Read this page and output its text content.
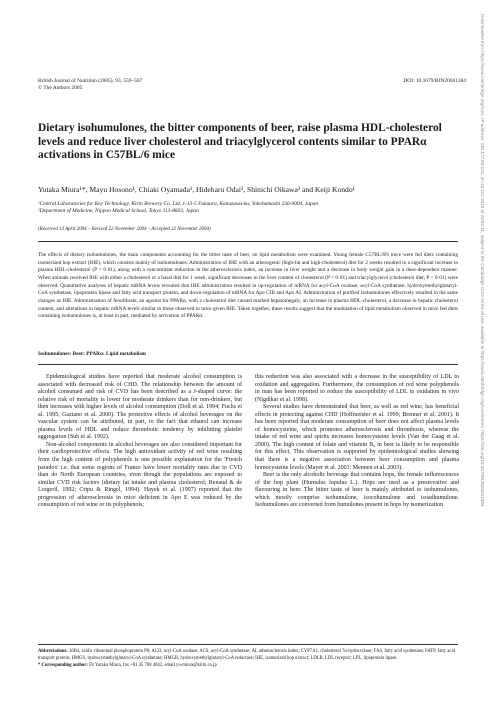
British Journal of Nutrition (2005), 93, 559–567
© The Authors 2005
DOI: 10.1079/BJN20041384
Dietary isohumulones, the bitter components of beer, raise plasma HDL-cholesterol levels and reduce liver cholesterol and triacylglycerol contents similar to PPARα activations in C57BL/6 mice
Yutaka Miura¹*, Mayu Hosono¹, Chiaki Oyamada¹, Hideharu Odai¹, Shinichi Oikawa² and Keiji Kondo¹
¹Central Laboratories for Key Technology, Kirin Brewery Co. Ltd, 1-13-5 Fukuura, Kanazawa-ku, Yokohamashi 236-0004, Japan
²Department of Medicine, Nippon Medical School, Tokyo 113-8603, Japan
(Received 13 April 2004 – Revised 22 November 2004 – Accepted 22 November 2004)

The effects of dietary isohumulones, the main components accounting for the bitter taste of beer, on lipid metabolism were examined. Young female C57BL/6N mice were fed diets containing isomerized hop extract (IHE), which consists mainly of isohumulones. Administration of IHE with an atherogenic (high-fat and high-cholesterol) diet for 2 weeks resulted in a significant increase in plasma HDL-cholesterol (P < 0·01), along with a concomitant reduction in the atherosclerosis index, an increase in liver weight and a decrease in body weight gain in a dose-dependent manner. When animals received IHE with either a cholesterol or a basal diet for 1 week, significant decreases in the liver content of cholesterol (P < 0·01) and triacylglycerol (cholesterol diet, P < 0·01) were observed. Quantitative analyses of hepatic mRNA levels revealed that IHE administration resulted in up-regulation of mRNA for acyl-CoA oxidase, acyl-CoA synthetase, hydroxymethylglutaryl-CoA synthetase, lipoprotein lipase and fatty acid transport protein, and down-regulation of mRNA for Apo CIII and Apo AI. Administration of purified isohumulones effectively resulted in the same changes as IHE. Administration of fenofibrate, an agonist for PPARα, with a cholesterol diet caused marked hepatomegaly, an increase in plasma HDL-cholesterol, a decrease in hepatic cholesterol content, and alterations in hepatic mRNA levels similar to those observed in mice given IHE. Taken together, these results suggest that the modulation of lipid metabolism observed in mice fed diets containing isohumulones is, at least in part, mediated by activation of PPARα.

Isohumulones: Beer: PPARα: Lipid metabolism

Epidemiological studies have reported that moderate alcohol consumption is associated with decreased risk of CHD. The relationship between the amount of alcohol consumed and risk of CVD has been described as a J-shaped curve: the relative risk of mortality is lower for moderate drinkers than for non-drinkers, but then increases with higher levels of alcohol consumption (Doll et al. 1994; Fuchs et al. 1995; Gaziano et al. 2000). The protective effects of alcohol beverages on the vascular system can be attributed, in part, to the fact that ethanol can increase plasma levels of HDL and reduce thrombotic tendency by inhibiting platelet aggregation (Suh et al. 1992).

Non-alcohol components in alcohol beverages are also considered important for their cardioprotective effects. The high antioxidant activity of red wine resulting from the high content of polyphenols is one possible explanation for the 'French paradox' i.e. that some regions of France have lower mortality rates due to CVD than do North European countries, even though the populations are exposed to similar CVD risk factors (dietary fat intake and plasma cholesterol; Renaud & de Lorgeril, 1992; Cripu & Ringel, 1994). Hayek et al. (1997) reported that the progression of atherosclerosis in mice deficient in Apo E was reduced by the consumption of red wine or its polyphenols;

this reduction was also associated with a decrease in the susceptibility of LDL to oxidation and aggregation. Furthermore, the consumption of red wine polyphenols in man has been reported to reduce the susceptibility of LDL to oxidation in vivo (Nigdikar et al. 1998).

Several studies have demonstrated that beer, as well as red wine, has beneficial effects in protecting against CHD (Hoffmeister et al. 1999; Brenner et al. 2001). It has been reported that moderate consumption of beer does not affect plasma levels of homocysteine, which promotes atherosclerosis and thrombosis, whereas the intake of red wine and spirits increases homocysteine levels (Van der Gaag et al. 2000). The high content of folate and vitamin B₆ in beer is likely to be responsible for this effect. This observation is supported by epidemiological studies showing that there is a negative association between beer consumption and plasma homocysteine levels (Mayer et al. 2001; Mennen et al. 2003).

Beer is the only alcoholic beverage that contains hops, the female inflorescences of the hop plant (Humulus lupulus L.). Hops are used as a preservative and flavouring in beer. The bitter taste of beer is mainly attributed to isohumulones, which mostly comprise isohumulone, isocohumulone and isoadhumulone. Isohumulones are converted from humulones present in hops by isomerization

Abbreviations: 36B4, acidic ribosomal phosphoprotein P0; ACO, acyl-CoA oxidase; ACS, acyl-CoA synthetase; AI, atherosclerosis index; CYP7A1, cholesterol 7α-hydroxylase; FAS, fatty acid synthetase; FATP, fatty acid transport protein; HMGS, hydroxymethylglutaryl-CoA synthetase; HMGR, hydroxymethylglutaryl-CoA reductase; IHE, isomerized hop extract; LDLR, LDL receptor; LPL, lipoprotein lipase.
* Corresponding author: Dr Yutaka Miura, fax +81 45 788 4042, email yu-miura@kirin.co.jp
Downloaded from https://www.cambridge.org/core. IP address: 115.177.69.241, on 24 Oct 2019 at 20:52:11, subject to the Cambridge Core terms of use, available at https://www.cambridge.org/core/terms. https://doi.org/10.1079/BJN20041384
